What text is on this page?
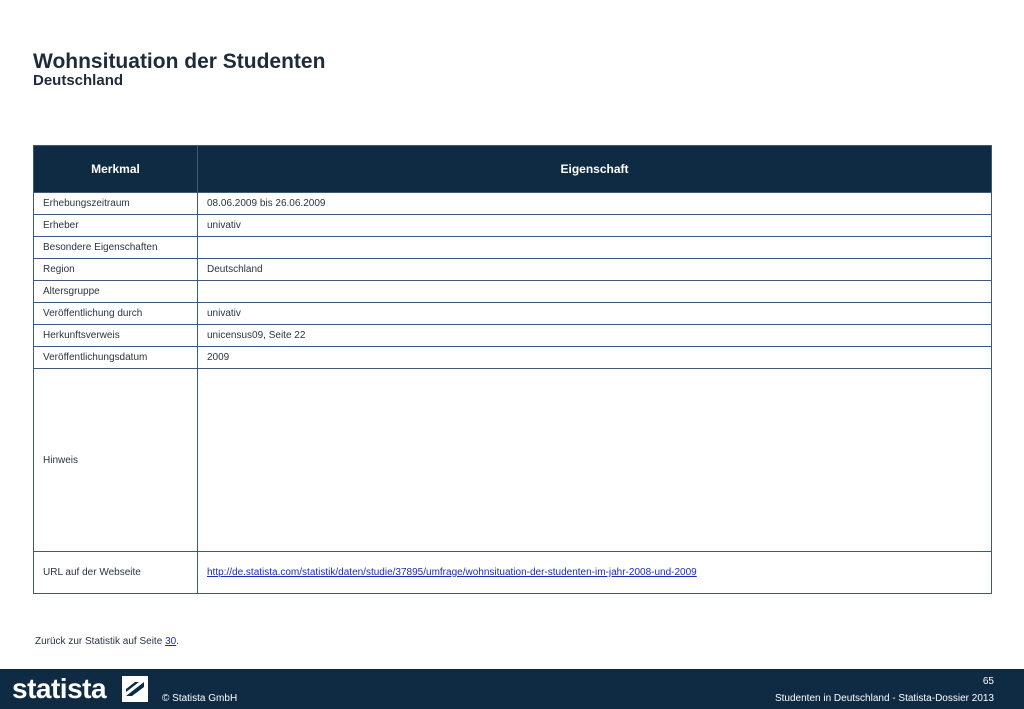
Wohnsituation der Studenten
Deutschland
Merkmal	Eigenschaft
Erhebungszeitraum	08.06.2009 bis 26.06.2009
Erheber	univativ
Besondere Eigenschaften	
Region	Deutschland
Altersgruppe	
Veröffentlichung durch	univativ
Herkunftsverweis	unicensus09, Seite 22
Veröffentlichungsdatum	2009
Hinweis	
URL auf der Webseite	http://de.statista.com/statistik/daten/studie/37895/umfrage/wohnsituation-der-studenten-im-jahr-2008-und-2009
Zurück zur Statistik auf Seite 30.
statista	© Statista GmbH
65
Studenten in Deutschland - Statista-Dossier 2013
